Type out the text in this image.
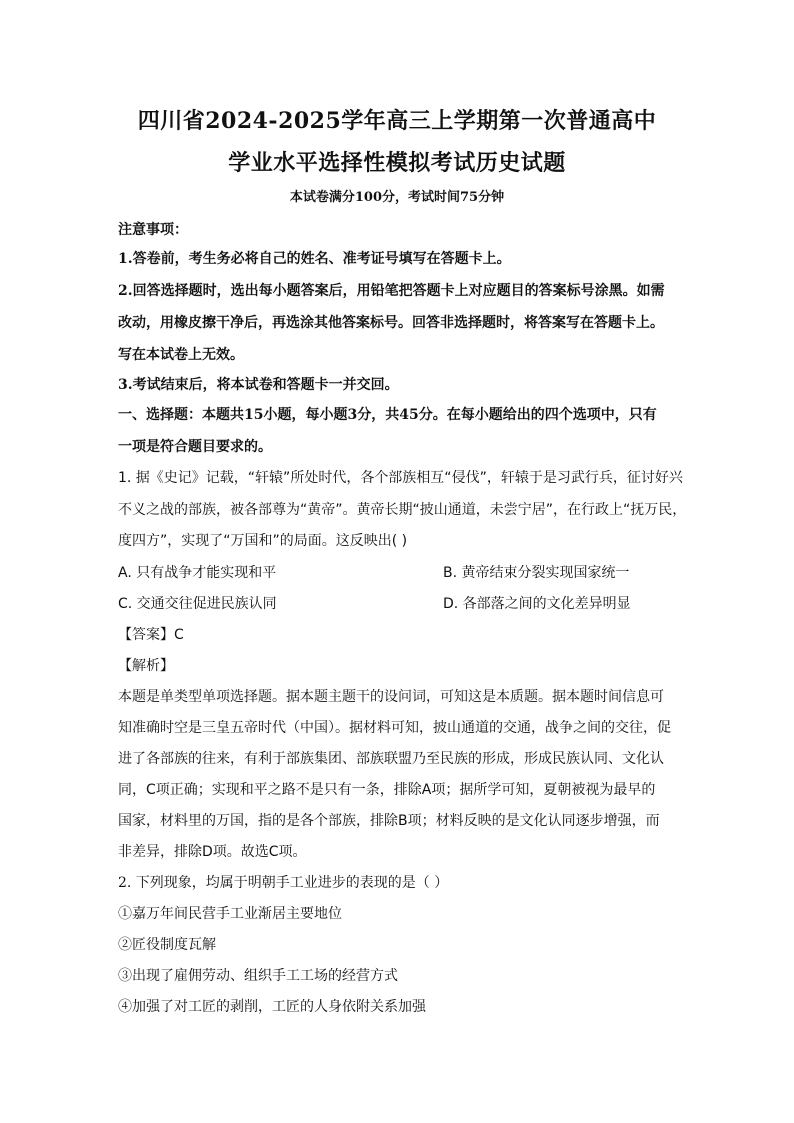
四川省2024-2025学年高三上学期第一次普通高中
学业水平选择性模拟考试历史试题
本试卷满分100分，考试时间75分钟
注意事项：
1.答卷前，考生务必将自己的姓名、准考证号填写在答题卡上。
2.回答选择题时，选出每小题答案后，用铅笔把答题卡上对应题目的答案标号涂黑。如需
改动，用橡皮擦干净后，再选涂其他答案标号。回答非选择题时，将答案写在答题卡上。
写在本试卷上无效。
3.考试结束后，将本试卷和答题卡一并交回。
一、选择题：本题共15小题，每小题3分，共45分。在每小题给出的四个选项中，只有
一项是符合题目要求的。
1. 据《史记》记载，“轩辕”所处时代，各个部族相互“侵伐”，轩辕于是习武行兵，征讨好兴
不义之战的部族，被各部尊为“黄帝”。黄帝长期“披山通道，未尝宁居”，在行政上“抚万民，
度四方”，实现了“万国和”的局面。这反映出( )
A. 只有战争才能实现和平	B. 黄帝结束分裂实现国家统一
C. 交通交往促进民族认同	D. 各部落之间的文化差异明显
【答案】C
【解析】
本题是单类型单项选择题。据本题主题干的设问词，可知这是本质题。据本题时间信息可
知准确时空是三皇五帝时代（中国）。据材料可知，披山通道的交通，战争之间的交往，促
进了各部族的往来，有利于部族集团、部族联盟乃至民族的形成，形成民族认同、文化认
同，C项正确；实现和平之路不是只有一条，排除A项；据所学可知，夏朝被视为最早的
国家，材料里的万国，指的是各个部族，排除B项；材料反映的是文化认同逐步增强，而
非差异，排除D项。故选C项。
2. 下列现象，均属于明朝手工业进步的表现的是（ ）
①嘉万年间民营手工业渐居主要地位
②匠役制度瓦解
③出现了雇佣劳动、组织手工工场的经营方式
④加强了对工匠的剥削，工匠的人身依附关系加强
